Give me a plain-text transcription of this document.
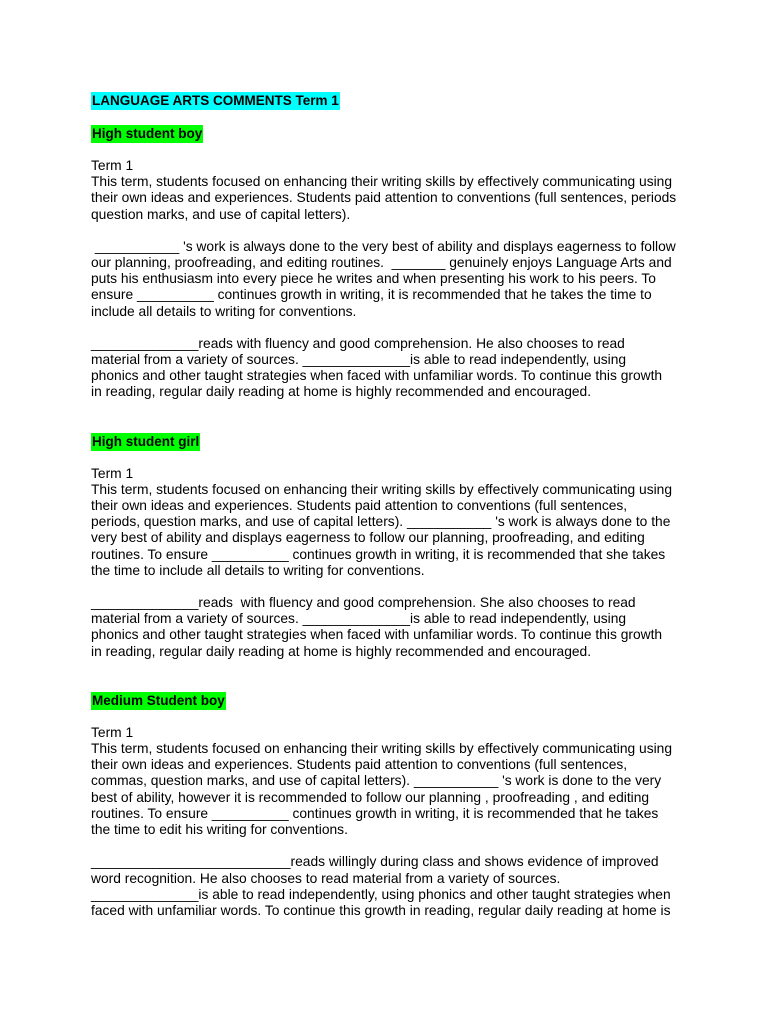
LANGUAGE ARTS COMMENTS Term 1
High student boy

Term 1
This term, students focused on enhancing their writing skills by effectively communicating using
their own ideas and experiences. Students paid attention to conventions (full sentences, periods
question marks, and use of capital letters).

___________ 's work is always done to the very best of ability and displays eagerness to follow
our planning, proofreading, and editing routines.  _______ genuinely enjoys Language Arts and
puts his enthusiasm into every piece he writes and when presenting his work to his peers. To
ensure __________ continues growth in writing, it is recommended that he takes the time to
include all details to writing for conventions.

______________reads with fluency and good comprehension. He also chooses to read
material from a variety of sources. ______________is able to read independently, using
phonics and other taught strategies when faced with unfamiliar words. To continue this growth
in reading, regular daily reading at home is highly recommended and encouraged.

High student girl

Term 1
This term, students focused on enhancing their writing skills by effectively communicating using
their own ideas and experiences. Students paid attention to conventions (full sentences,
periods, question marks, and use of capital letters). ___________ 's work is always done to the
very best of ability and displays eagerness to follow our planning, proofreading, and editing
routines. To ensure __________ continues growth in writing, it is recommended that she takes
the time to include all details to writing for conventions.

______________reads  with fluency and good comprehension. She also chooses to read
material from a variety of sources. ______________is able to read independently, using
phonics and other taught strategies when faced with unfamiliar words. To continue this growth
in reading, regular daily reading at home is highly recommended and encouraged.

Medium Student boy

Term 1
This term, students focused on enhancing their writing skills by effectively communicating using
their own ideas and experiences. Students paid attention to conventions (full sentences,
commas, question marks, and use of capital letters). ___________ 's work is done to the very
best of ability, however it is recommended to follow our planning , proofreading , and editing
routines. To ensure __________ continues growth in writing, it is recommended that he takes
the time to edit his writing for conventions.

__________________________reads willingly during class and shows evidence of improved
word recognition. He also chooses to read material from a variety of sources.
______________is able to read independently, using phonics and other taught strategies when
faced with unfamiliar words. To continue this growth in reading, regular daily reading at home is
